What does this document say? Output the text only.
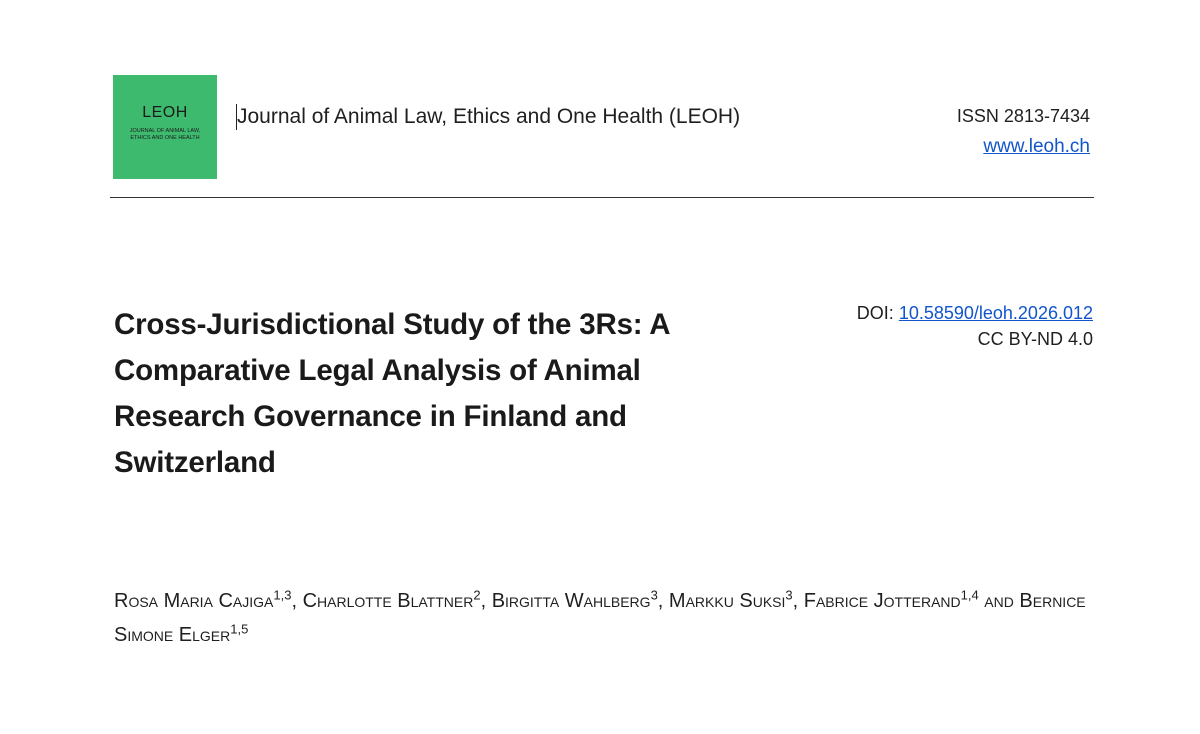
LEOH
JOURNAL OF ANIMAL LAW, ETHICS AND ONE HEALTH
Journal of Animal Law, Ethics and One Health (LEOH)	ISSN 2813-7434
www.leoh.ch
Cross-Jurisdictional Study of the 3Rs: A Comparative Legal Analysis of Animal Research Governance in Finland and Switzerland
DOI: 10.58590/leoh.2026.012
CC BY-ND 4.0

Rosa Maria Cajiga$^{1,3}$, Charlotte Blattner$^2$, Birgitta Wahlberg$^3$, Markku Suksi$^3$, Fabrice Jotterand$^{1,4}$ and Bernice Simone Elger$^{1,5}$
